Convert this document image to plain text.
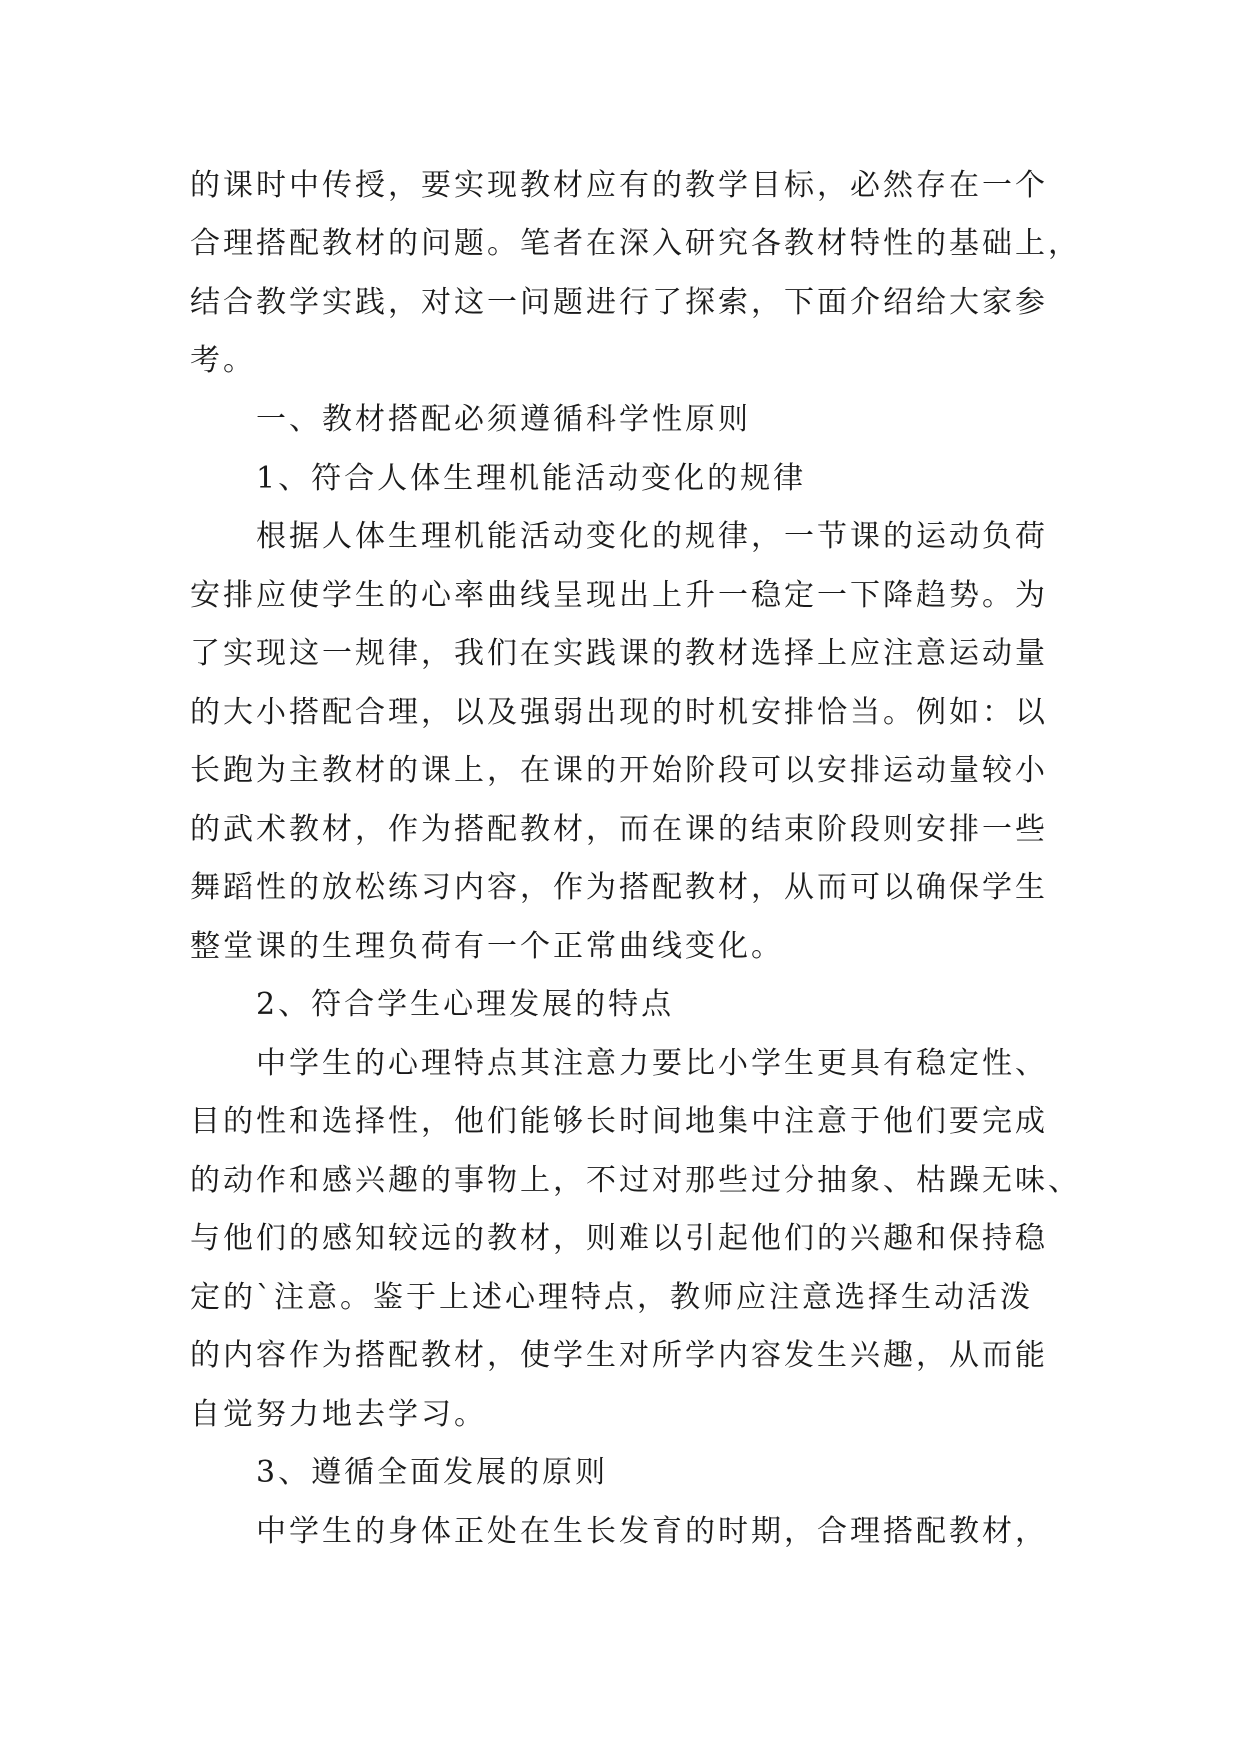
的课时中传授，要实现教材应有的教学目标，必然存在一个
合理搭配教材的问题。笔者在深入研究各教材特性的基础上，
结合教学实践，对这一问题进行了探索，下面介绍给大家参
考。
一、教材搭配必须遵循科学性原则
1、符合人体生理机能活动变化的规律
根据人体生理机能活动变化的规律，一节课的运动负荷
安排应使学生的心率曲线呈现出上升一稳定一下降趋势。为
了实现这一规律，我们在实践课的教材选择上应注意运动量
的大小搭配合理，以及强弱出现的时机安排恰当。例如：以
长跑为主教材的课上，在课的开始阶段可以安排运动量较小
的武术教材，作为搭配教材，而在课的结束阶段则安排一些
舞蹈性的放松练习内容，作为搭配教材，从而可以确保学生
整堂课的生理负荷有一个正常曲线变化。
2、符合学生心理发展的特点
中学生的心理特点其注意力要比小学生更具有稳定性、
目的性和选择性，他们能够长时间地集中注意于他们要完成
的动作和感兴趣的事物上，不过对那些过分抽象、枯躁无味、
与他们的感知较远的教材，则难以引起他们的兴趣和保持稳
定的`注意。鉴于上述心理特点，教师应注意选择生动活泼
的内容作为搭配教材，使学生对所学内容发生兴趣，从而能
自觉努力地去学习。
3、遵循全面发展的原则
中学生的身体正处在生长发育的时期，合理搭配教材，
